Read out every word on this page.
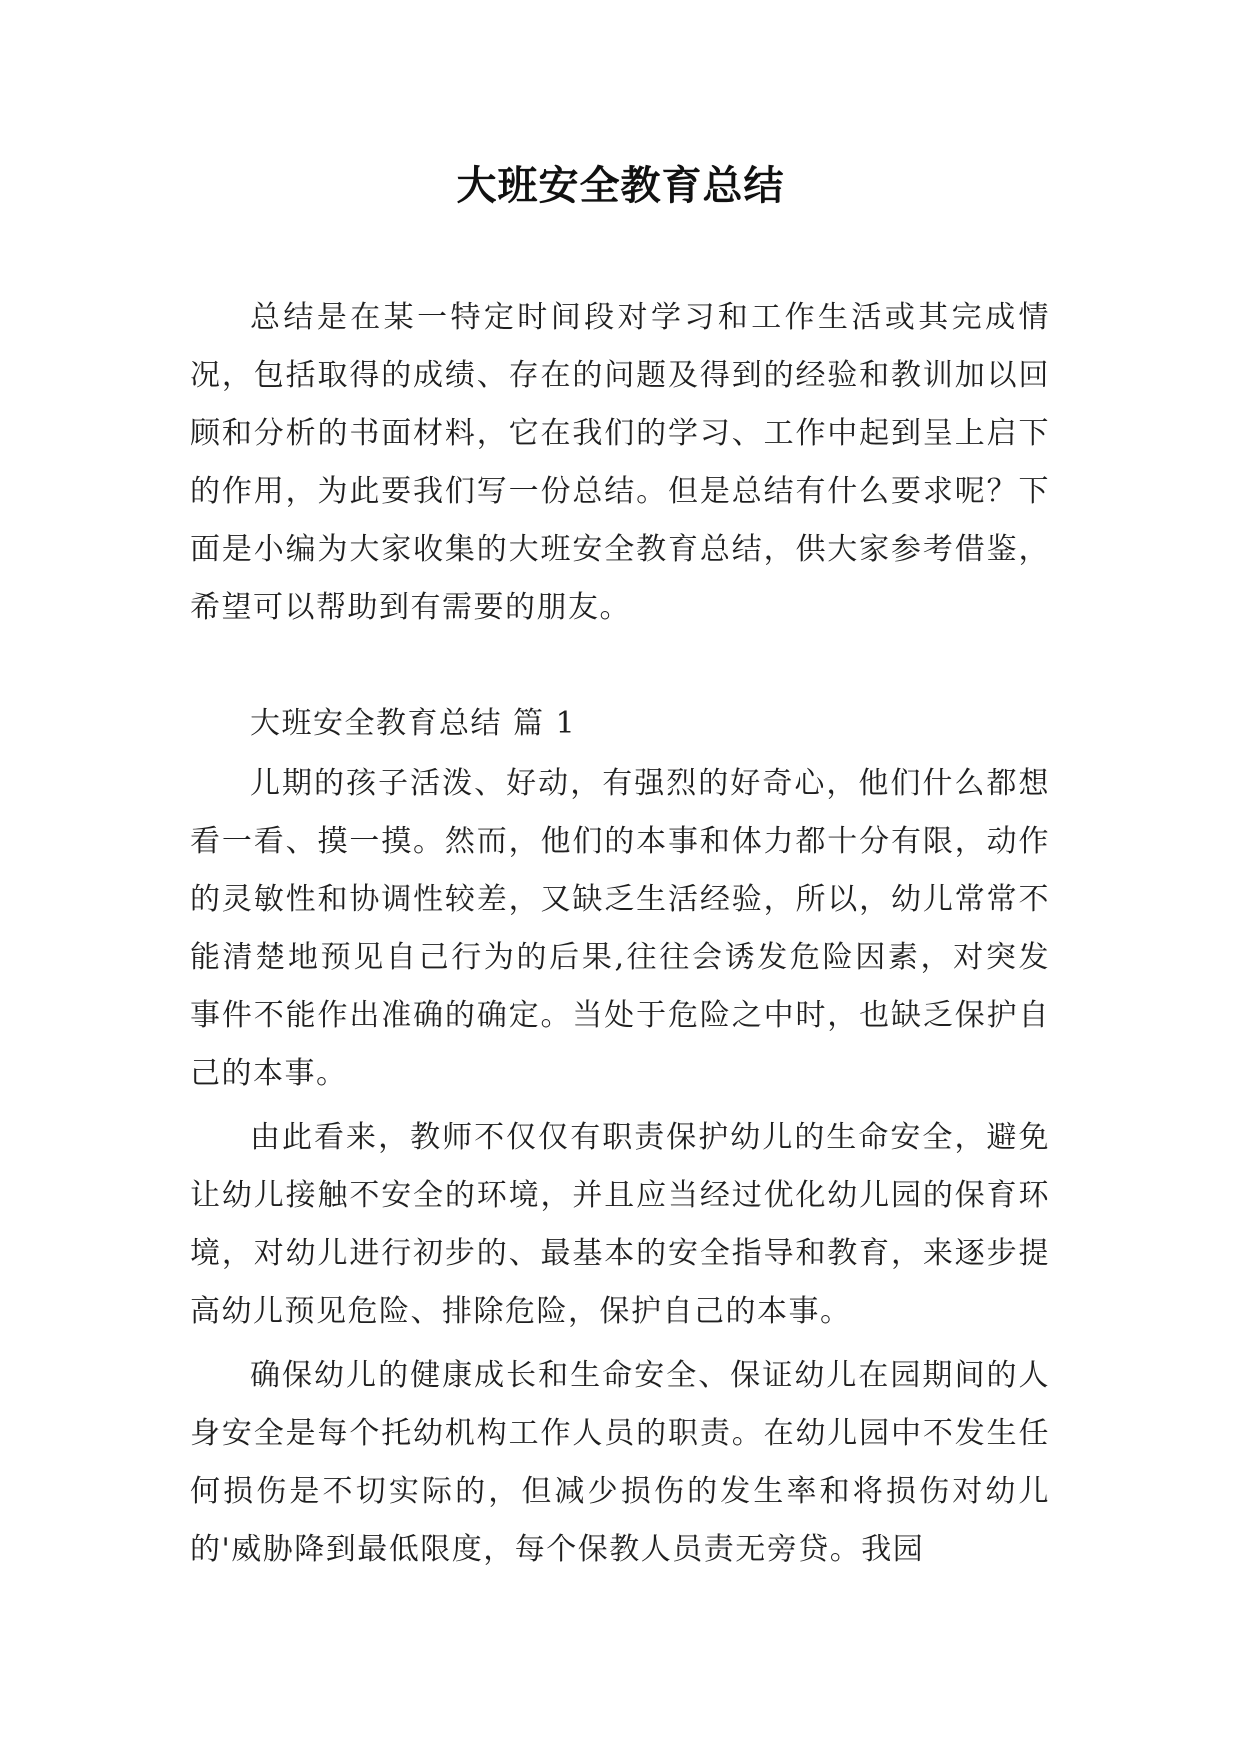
大班安全教育总结

总结是在某一特定时间段对学习和工作生活或其完成情况，包括取得的成绩、存在的问题及得到的经验和教训加以回顾和分析的书面材料，它在我们的学习、工作中起到呈上启下的作用，为此要我们写一份总结。但是总结有什么要求呢？下面是小编为大家收集的大班安全教育总结，供大家参考借鉴，希望可以帮助到有需要的朋友。

大班安全教育总结 篇 1

儿期的孩子活泼、好动，有强烈的好奇心，他们什么都想看一看、摸一摸。然而，他们的本事和体力都十分有限，动作的灵敏性和协调性较差，又缺乏生活经验，所以，幼儿常常不能清楚地预见自己行为的后果,往往会诱发危险因素，对突发事件不能作出准确的确定。当处于危险之中时，也缺乏保护自己的本事。

由此看来，教师不仅仅有职责保护幼儿的生命安全，避免让幼儿接触不安全的环境，并且应当经过优化幼儿园的保育环境，对幼儿进行初步的、最基本的安全指导和教育，来逐步提高幼儿预见危险、排除危险，保护自己的本事。

确保幼儿的健康成长和生命安全、保证幼儿在园期间的人身安全是每个托幼机构工作人员的职责。在幼儿园中不发生任何损伤是不切实际的，但减少损伤的发生率和将损伤对幼儿的'威胁降到最低限度，每个保教人员责无旁贷。我园
